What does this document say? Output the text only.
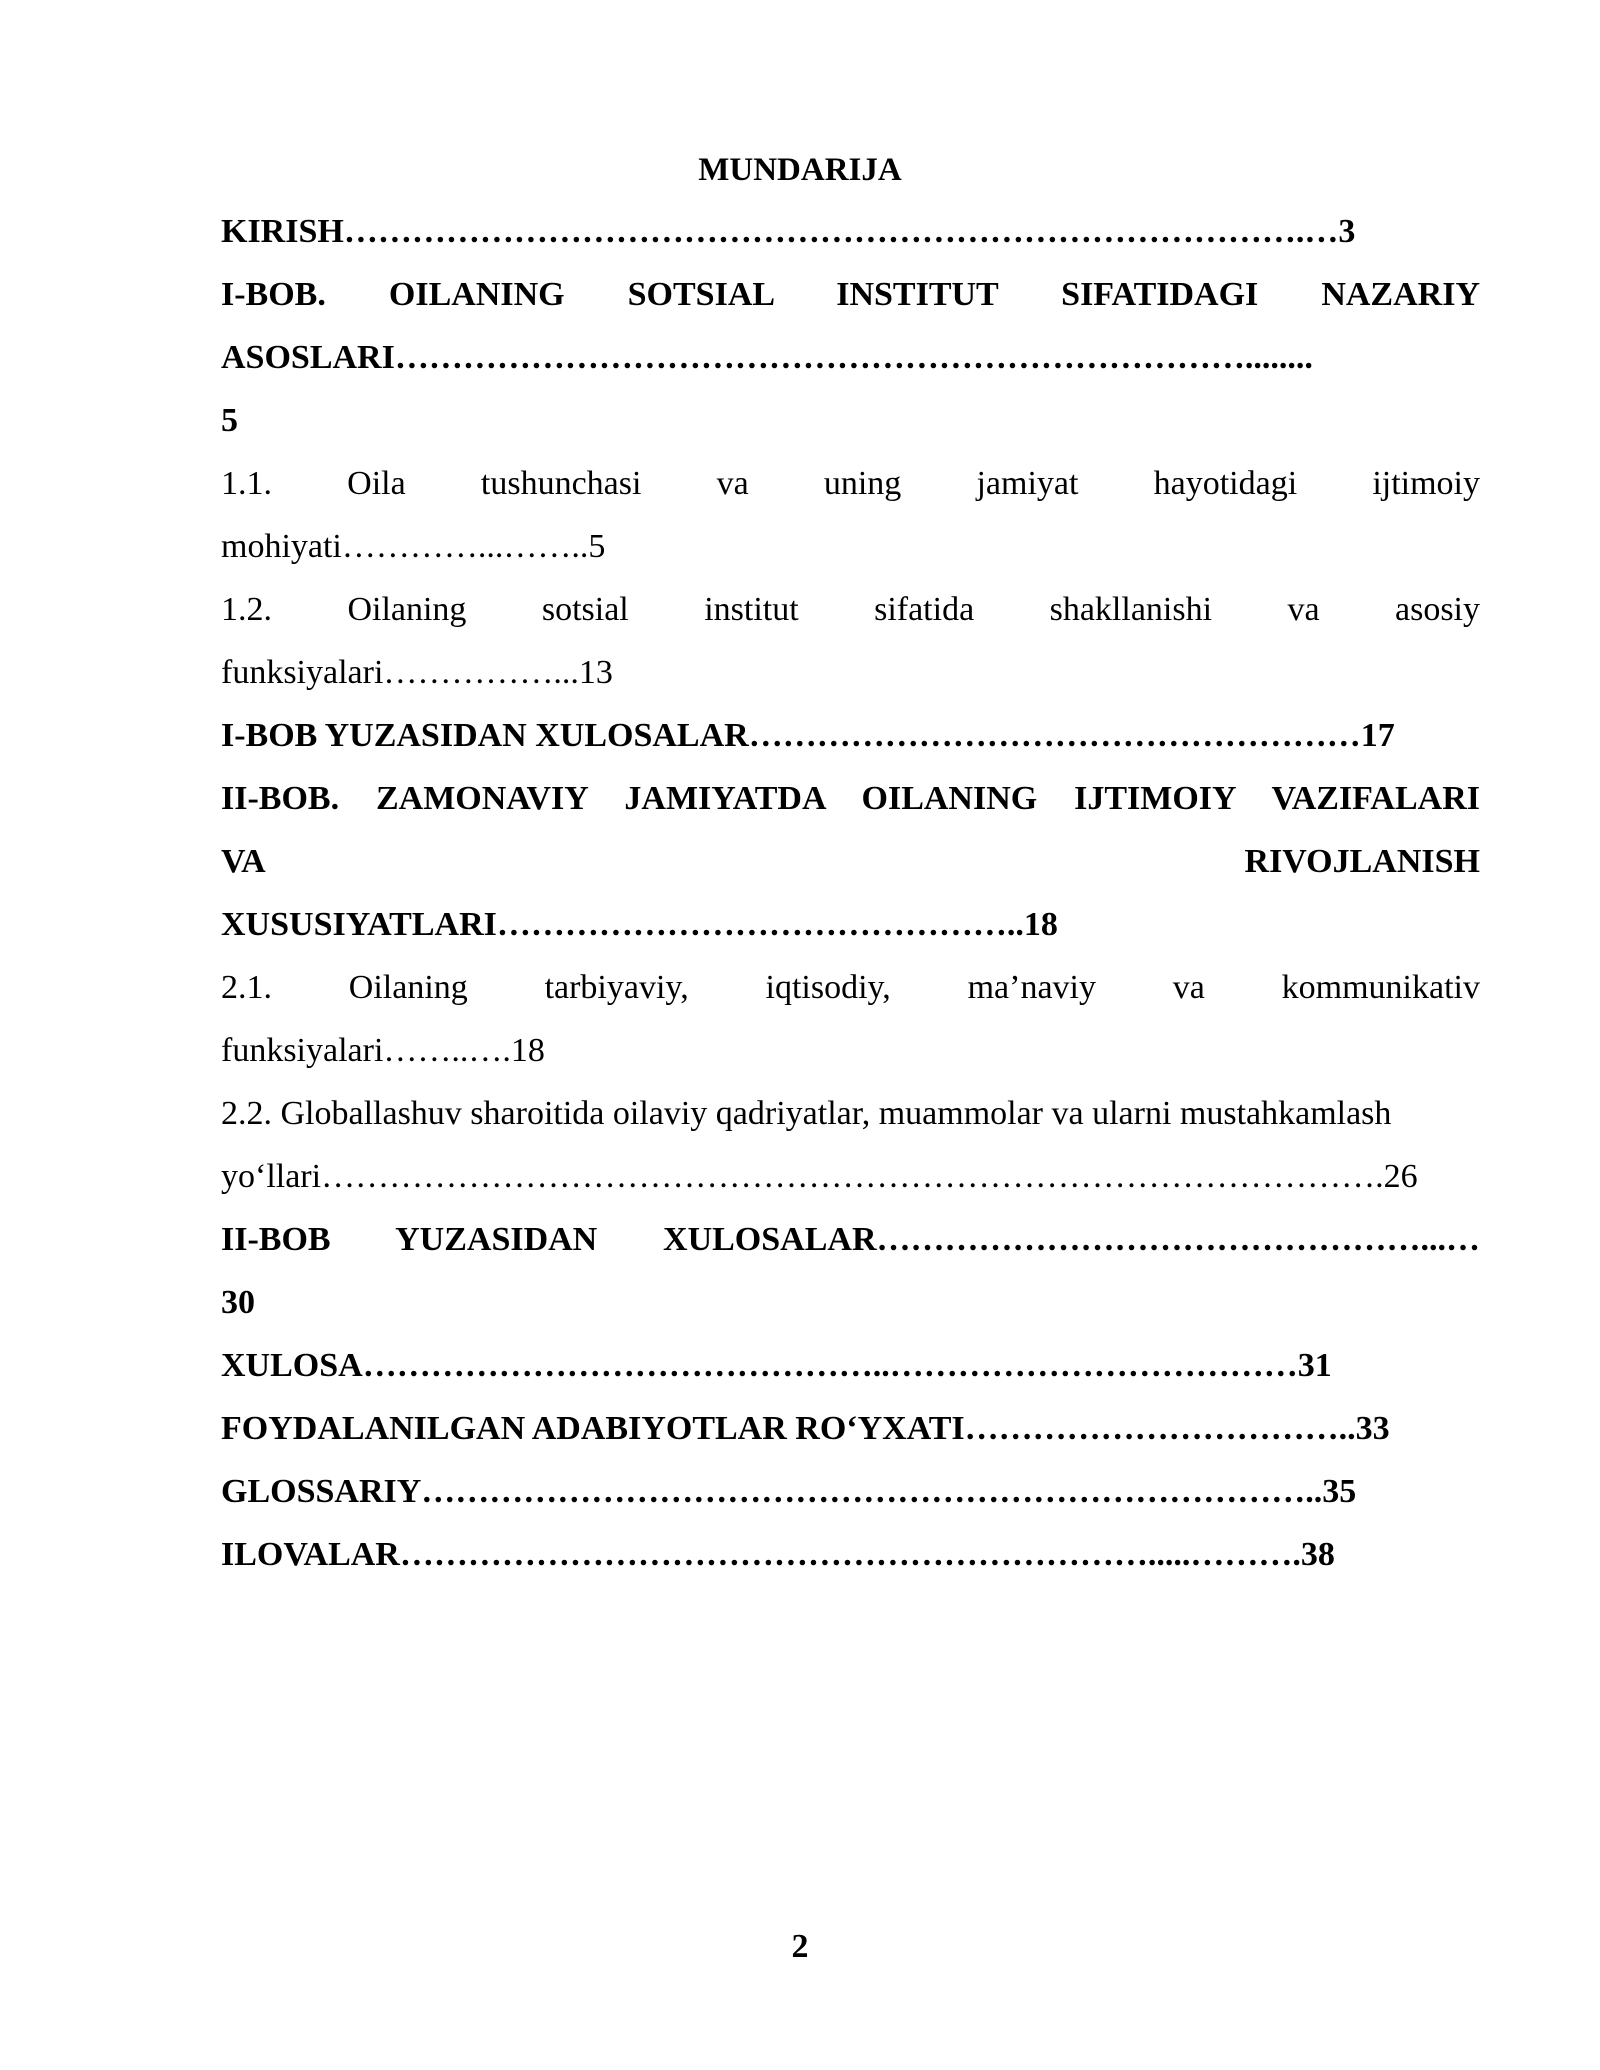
MUNDARIJA
KIRISH………………………………………………………………………….…3
I-BOB. OILANING SOTSIAL INSTITUT SIFATIDAGI NAZARIY
ASOSLARI…………………………………………………………………........
5
1.1. Oila tushunchasi va uning jamiyat hayotidagi ijtimoiy
mohiyati…………...……..5
1.2. Oilaning sotsial institut sifatida shakllanishi va asosiy
funksiyalari……………...13
I-BOB YUZASIDAN XULOSALAR………………………………………………17
II-BOB. ZAMONAVIY JAMIYATDA OILANING IJTIMOIY VAZIFALARI
VA RIVOJLANISH
XUSUSIYATLARI………………………………………..18
2.1. Oilaning tarbiyaviy, iqtisodiy, ma’naviy va kommunikativ
funksiyalari……..….18
2.2. Globallashuv sharoitida oilaviy qadriyatlar, muammolar va ularni mustahkamlash
yo‘llari………………………………………………………………………………….26
II-BOB YUZASIDAN XULOSALAR…………………………………………...…
30
XULOSA………………………………………..………………………………31
FOYDALANILGAN ADABIYOTLAR RO‘YXATI……………………………..33
GLOSSARIY……………………………………………………………………..35
ILOVALAR………………………………………………………….....……….38
2
